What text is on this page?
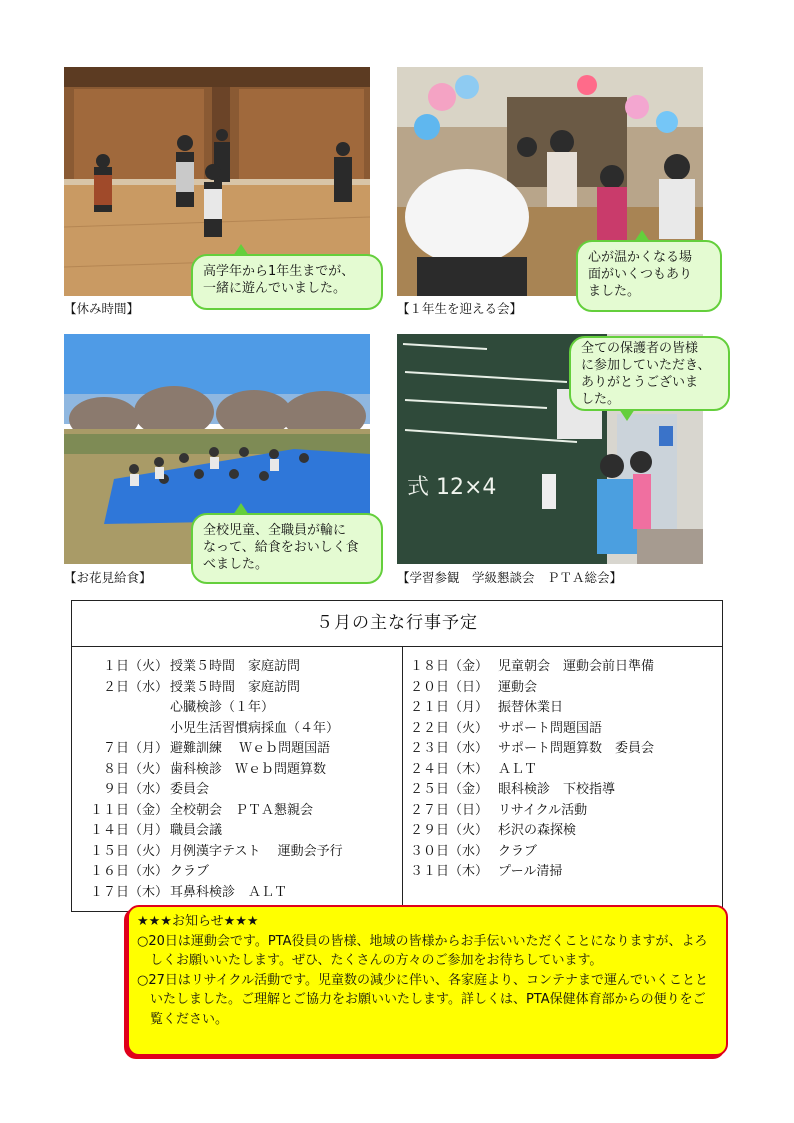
【休み時間】
高学年から1年生までが、
一緒に遊んでいました。
【１年生を迎える会】
心が温かくなる場
面がいくつもあり
ました。
【お花見給食】
全校児童、全職員が輪に
なって、給食をおいしく食
べました。
式 12×4
【学習参観　学級懇談会　ＰＴＡ総会】
全ての保護者の皆様
に参加していただき、
ありがとうございま
した。
５月の主な行事予定
１日（火） 授業５時間　家庭訪問
２日（水） 授業５時間　家庭訪問
心臓検診（１年）
小児生活習慣病採血（４年）
７日（月） 避難訓練　 Ｗｅｂ問題国語
８日（火） 歯科検診　Ｗｅｂ問題算数
９日（水） 委員会
１１日（金） 全校朝会　ＰＴＡ懇親会
１４日（月） 職員会議
１５日（火） 月例漢字テスト　 運動会予行
１６日（水） クラブ
１７日（木） 耳鼻科検診　ＡＬＴ
１８日（金） 児童朝会　運動会前日準備
２０日（日） 運動会
２１日（月） 振替休業日
２２日（火） サポート問題国語
２３日（水） サポート問題算数　委員会
２４日（木） ＡＬＴ
２５日（金） 眼科検診　下校指導
２７日（日） リサイクル活動
２９日（火） 杉沢の森探検
３０日（水） クラブ
３１日（木） プール清掃
★★★お知らせ★★★
○20日は運動会です。PTA役員の皆様、地域の皆様からお手伝いいただくことになりますが、よろしくお願いいたします。ぜひ、たくさんの方々のご参加をお待ちしています。
○27日はリサイクル活動です。児童数の減少に伴い、各家庭より、コンテナまで運んでいくことといたしました。ご理解とご協力をお願いいたします。詳しくは、PTA保健体育部からの便りをご覧ください。
